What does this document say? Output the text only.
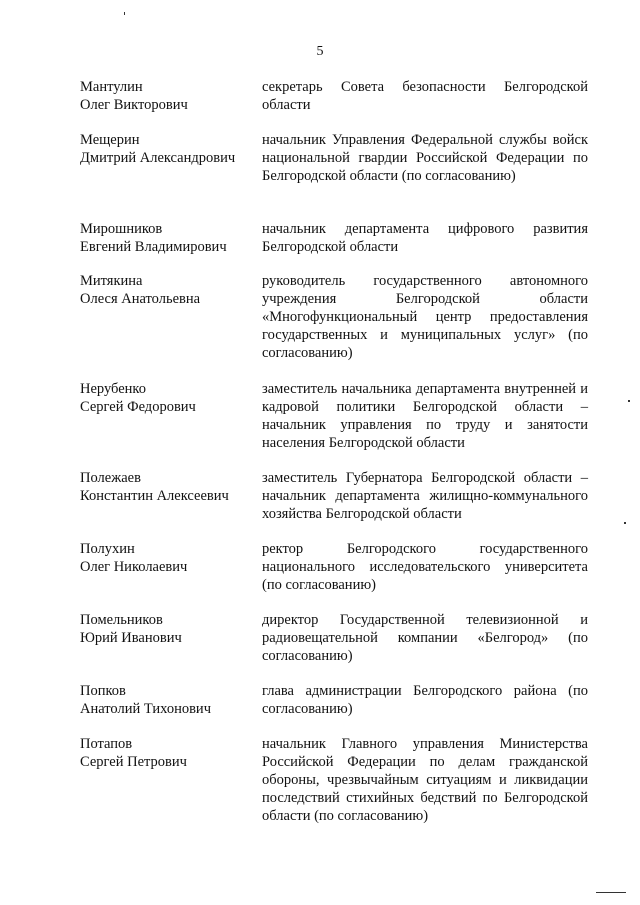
5
Мантулин
Олег Викторович
секретарь Совета безопасности Белгородской области
Мещерин
Дмитрий Александрович
начальник Управления Федеральной службы войск национальной гвардии Российской Федерации по Белгородской области (по согласованию)
Мирошников
Евгений Владимирович
начальник департамента цифрового развития Белгородской области
Митякина
Олеся Анатольевна
руководитель государственного автономного учреждения Белгородской области «Многофункциональный центр предоставления государственных и муниципальных услуг» (по согласованию)
Нерубенко
Сергей Федорович
заместитель начальника департамента внутренней и кадровой политики Белгородской области – начальник управления по труду и занятости населения Белгородской области
Полежаев
Константин Алексеевич
заместитель Губернатора Белгородской области – начальник департамента жилищно-коммунального хозяйства Белгородской области
Полухин
Олег Николаевич
ректор Белгородского государственного национального исследовательского университета (по согласованию)
Помельников
Юрий Иванович
директор Государственной телевизионной и радиовещательной компании «Белгород» (по согласованию)
Попков
Анатолий Тихонович
глава администрации Белгородского района (по согласованию)
Потапов
Сергей Петрович
начальник Главного управления Министерства Российской Федерации по делам гражданской обороны, чрезвычайным ситуациям и ликвидации последствий стихийных бедствий по Белгородской области (по согласованию)
